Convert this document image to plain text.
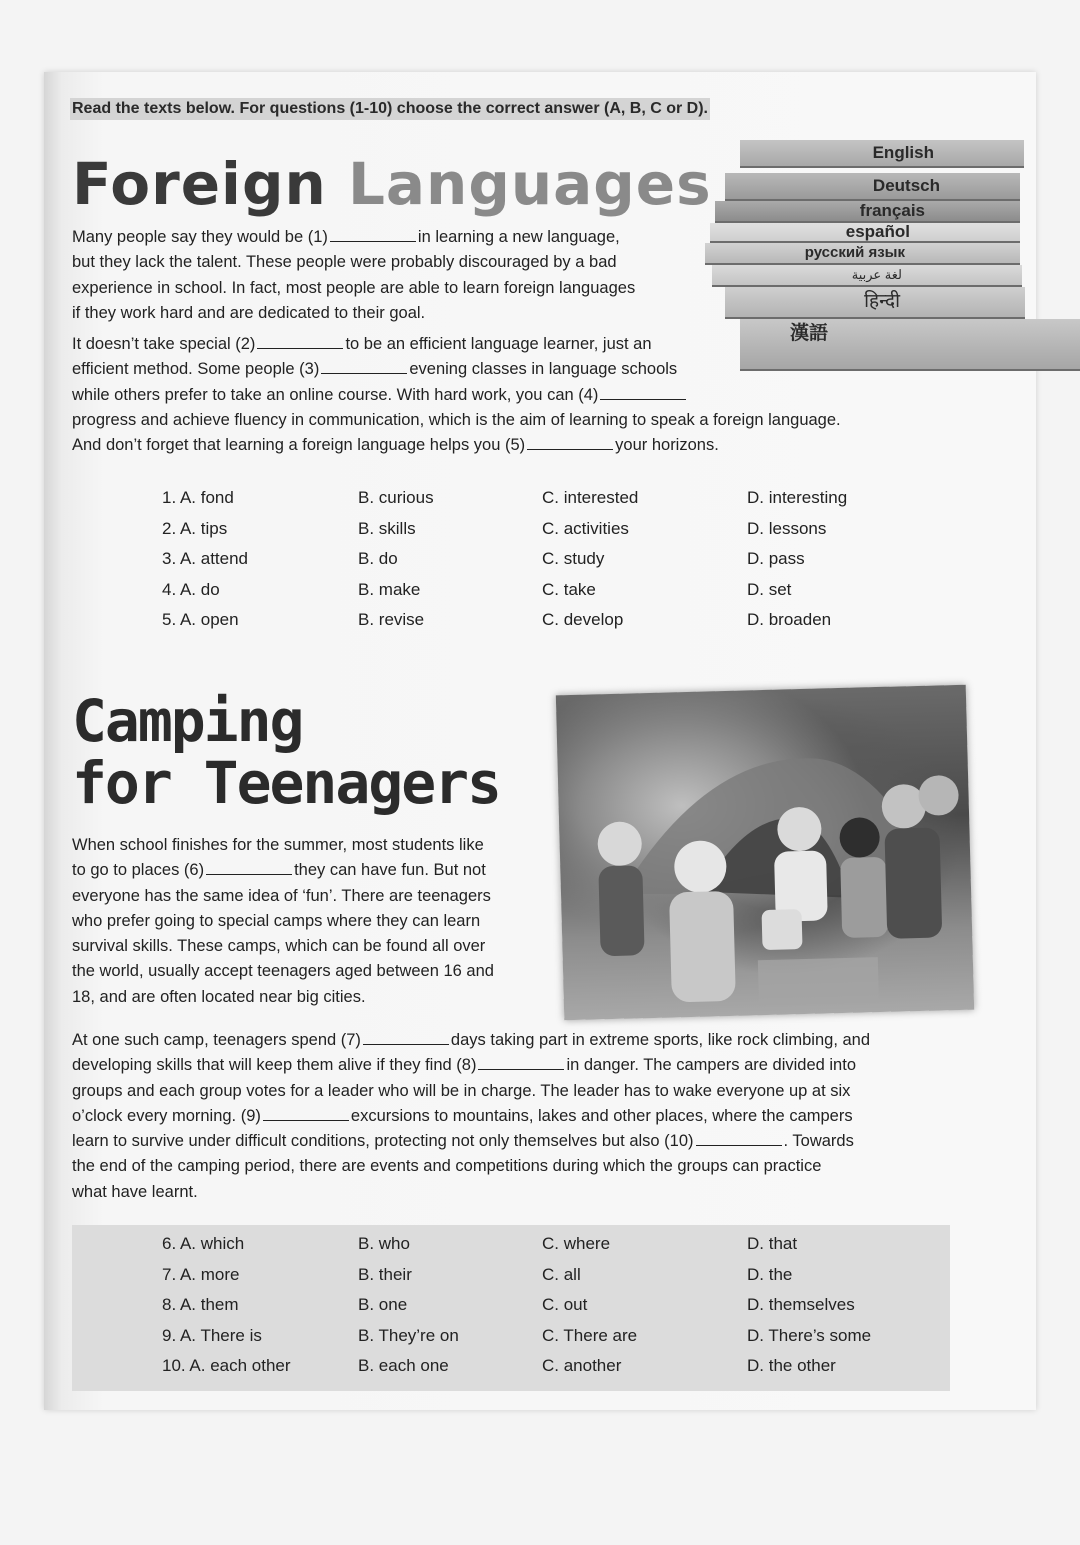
Read the texts below. For questions (1-10) choose the correct answer (A, B, C or D).
Foreign Languages	English
Deutsch
français
español
русский язык
لغة عربية
हिन्दी
漢語
Many people say they would be (1)	in learning a new language,
but they lack the talent. These people were probably discouraged by a bad
experience in school. In fact, most people are able to learn foreign languages
if they work hard and are dedicated to their goal.
It doesn’t take special (2)	to be an efficient language learner, just an
efficient method. Some people (3)	evening classes in language schools
while others prefer to take an online course. With hard work, you can (4)
progress and achieve fluency in communication, which is the aim of learning to speak a foreign language.
And don’t forget that learning a foreign language helps you (5)	your horizons.
1. A. fond	B. curious	C. interested	D. interesting
2. A. tips	B. skills	C. activities	D. lessons
3. A. attend	B. do	C. study	D. pass
4. A. do	B. make	C. take	D. set
5. A. open	B. revise	C. develop	D. broaden
Camping
for Teenagers
When school finishes for the summer, most students like
to go to places (6)	they can have fun. But not
everyone has the same idea of ‘fun’. There are teenagers
who prefer going to special camps where they can learn
survival skills. These camps, which can be found all over
the world, usually accept teenagers aged between 16 and
18, and are often located near big cities.
At one such camp, teenagers spend (7)	days taking part in extreme sports, like rock climbing, and
developing skills that will keep them alive if they find (8)	in danger. The campers are divided into
groups and each group votes for a leader who will be in charge. The leader has to wake everyone up at six
o’clock every morning. (9)	excursions to mountains, lakes and other places, where the campers
learn to survive under difficult conditions, protecting not only themselves but also (10)	. Towards
the end of the camping period, there are events and competitions during which the groups can practice
what have learnt.
6. A. which	B. who	C. where	D. that
7. A. more	B. their	C. all	D. the
8. A. them	B. one	C. out	D. themselves
9. A. There is	B. They’re on	C. There are	D. There’s some
10. A. each other	B. each one	C. another	D. the other
